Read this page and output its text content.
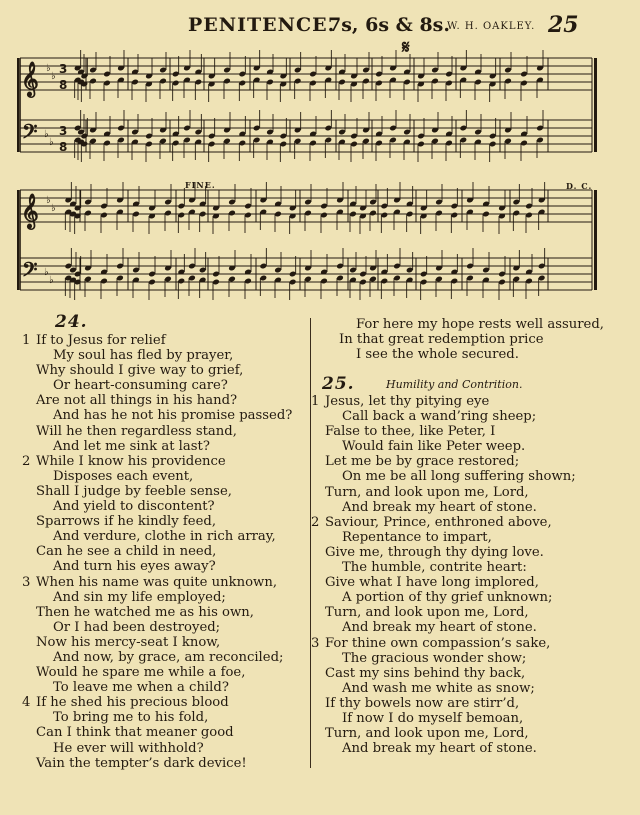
PENITENCE.
7s, 6s & 8s.
W. H. OAKLEY. 25
𝄞
𝄢
♭
♭
♭
♭
3
8
3
8
𝄞
𝄢
♭
♭
♭
♭
𝄋
FINE.	D. C.
24.
1 If to Jesus for relief
My soul has fled by prayer,
Why should I give way to grief,
Or heart-consuming care?
Are not all things in his hand?
And has he not his promise passed?
Will he then regardless stand,
And let me sink at last?
2 While I know his providence
Disposes each event,
Shall I judge by feeble sense,
And yield to discontent?
Sparrows if he kindly feed,
And verdure, clothe in rich array,
Can he see a child in need,
And turn his eyes away?
3 When his name was quite unknown,
And sin my life employed;
Then he watched me as his own,
Or I had been destroyed;
Now his mercy-seat I know,
And now, by grace, am reconciled;
Would he spare me while a foe,
To leave me when a child?
4 If he shed his precious blood
To bring me to his fold,
Can I think that meaner good
He ever will withhold?
Vain the tempter’s dark device!
For here my hope rests well assured,
In that great redemption price
I see the whole secured.
25.	Humility and Contrition.
1 Jesus, let thy pitying eye
Call back a wand’ring sheep;
False to thee, like Peter, I
Would fain like Peter weep.
Let me be by grace restored;
On me be all long suffering shown;
Turn, and look upon me, Lord,
And break my heart of stone.
2 Saviour, Prince, enthroned above,
Repentance to impart,
Give me, through thy dying love.
The humble, contrite heart:
Give what I have long implored,
A portion of thy grief unknown;
Turn, and look upon me, Lord,
And break my heart of stone.
3 For thine own compassion’s sake,
The gracious wonder show;
Cast my sins behind thy back,
And wash me white as snow;
If thy bowels now are stirr’d,
If now I do myself bemoan,
Turn, and look upon me, Lord,
And break my heart of stone.
